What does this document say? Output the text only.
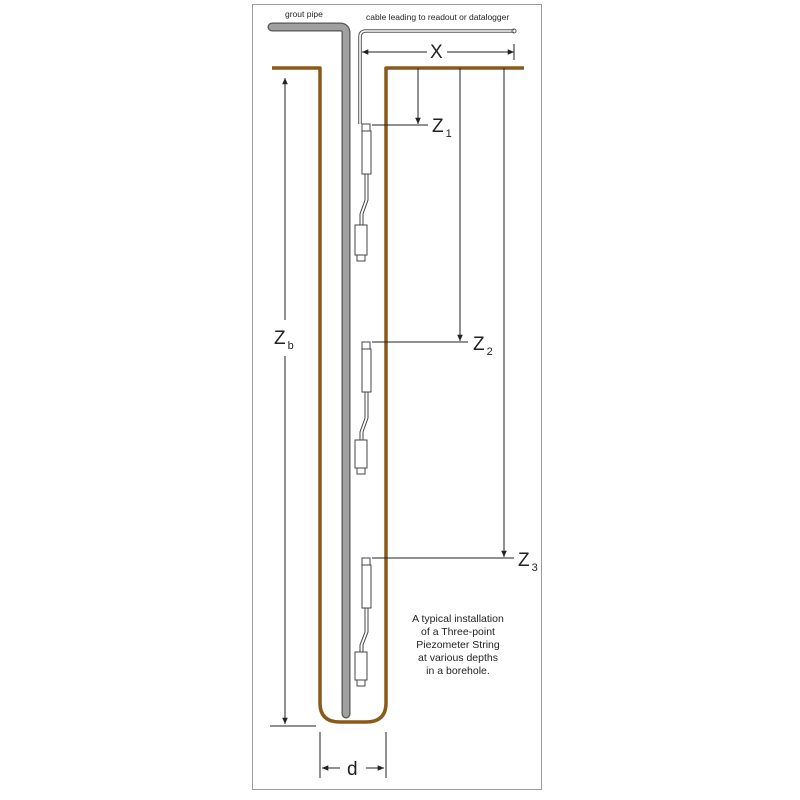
grout pipe	cable leading to readout or datalogger
X
Z $_1$
Z $_2$
Z $_3$
Z $_b$
d
A typical installation
of a Three-point
Piezometer String
at various depths
in a borehole.
